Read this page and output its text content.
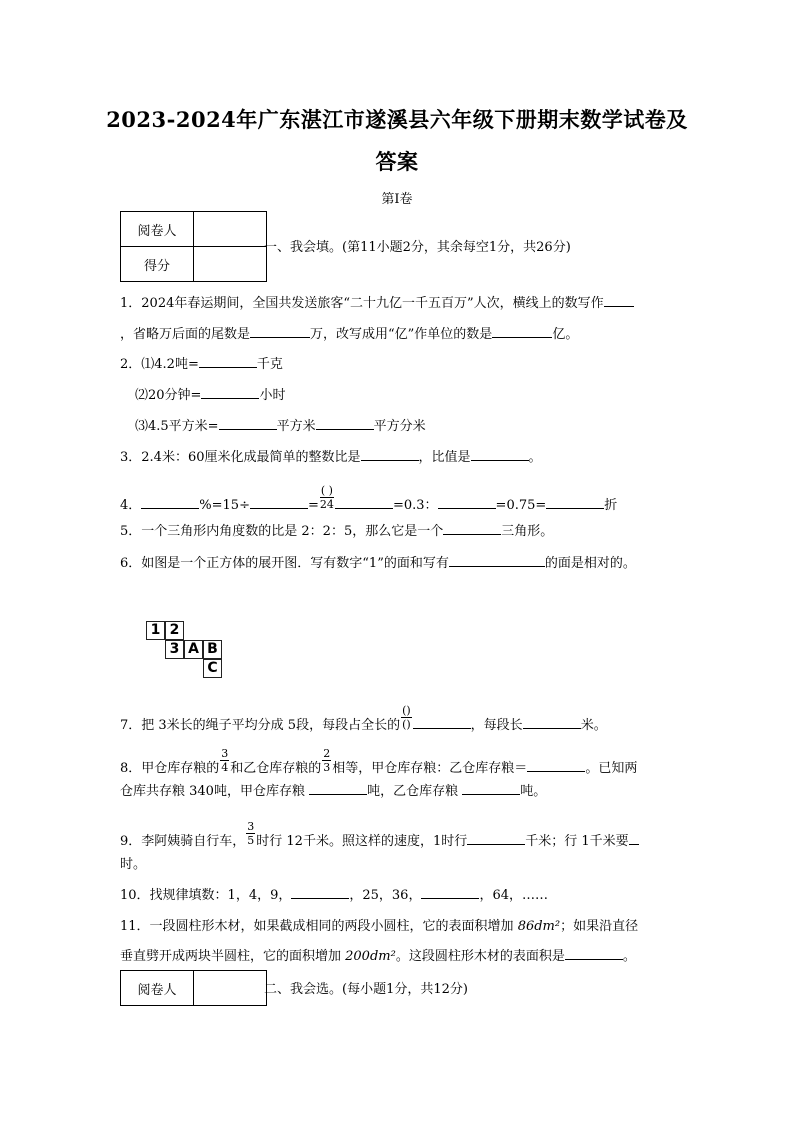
2023-2024年广东湛江市遂溪县六年级下册期末数学试卷及
答案
第Ⅰ卷
阅卷人	
得分	
一、我会填。(第11小题2分，其余每空1分，共26分)
1．2024年春运期间，全国共发送旅客“二十九亿一千五百万”人次，横线上的数写作
，省略万后面的尾数是	万，改写成用“亿”作单位的数是	亿。
2．⑴4.2吨=	千克
⑵20分钟=	小时
⑶4.5平方米=	平方米	平方分米
3．2.4米：60厘米化成最简单的整数比是	，比值是	。
4．	%=15÷	= $\frac{( )}{24}$	=0.3：	=0.75=	折
5．一个三角形内角度数的比是 2：2：5，那么它是一个	三角形。
6．如图是一个正方体的展开图．写有数字“1”的面和写有	的面是相对的。
1 2
3 A B
C
7．把 3米长的绳子平均分成 5段，每段占全长的 $\frac{()}{()}$	，每段长	米。
8．甲仓库存粮的 $\frac{3}{4}$ 和乙仓库存粮的 $\frac{2}{3}$ 相等，甲仓库存粮：乙仓库存粮＝	。已知两
仓库共存粮 340吨，甲仓库存粮	吨，乙仓库存粮	吨。
9．李阿姨骑自行车， $\frac{3}{5}$ 时行 12千米。照这样的速度，1时行	千米；行 1千米要
时。
10．找规律填数：1，4，9，	，25，36，	，64，……
11．一段圆柱形木材，如果截成相同的两段小圆柱，它的表面积增加 86dm²；如果沿直径
垂直劈开成两块半圆柱，它的面积增加 200dm²。这段圆柱形木材的表面积是	。
阅卷人		二、我会选。(每小题1分，共12分)
